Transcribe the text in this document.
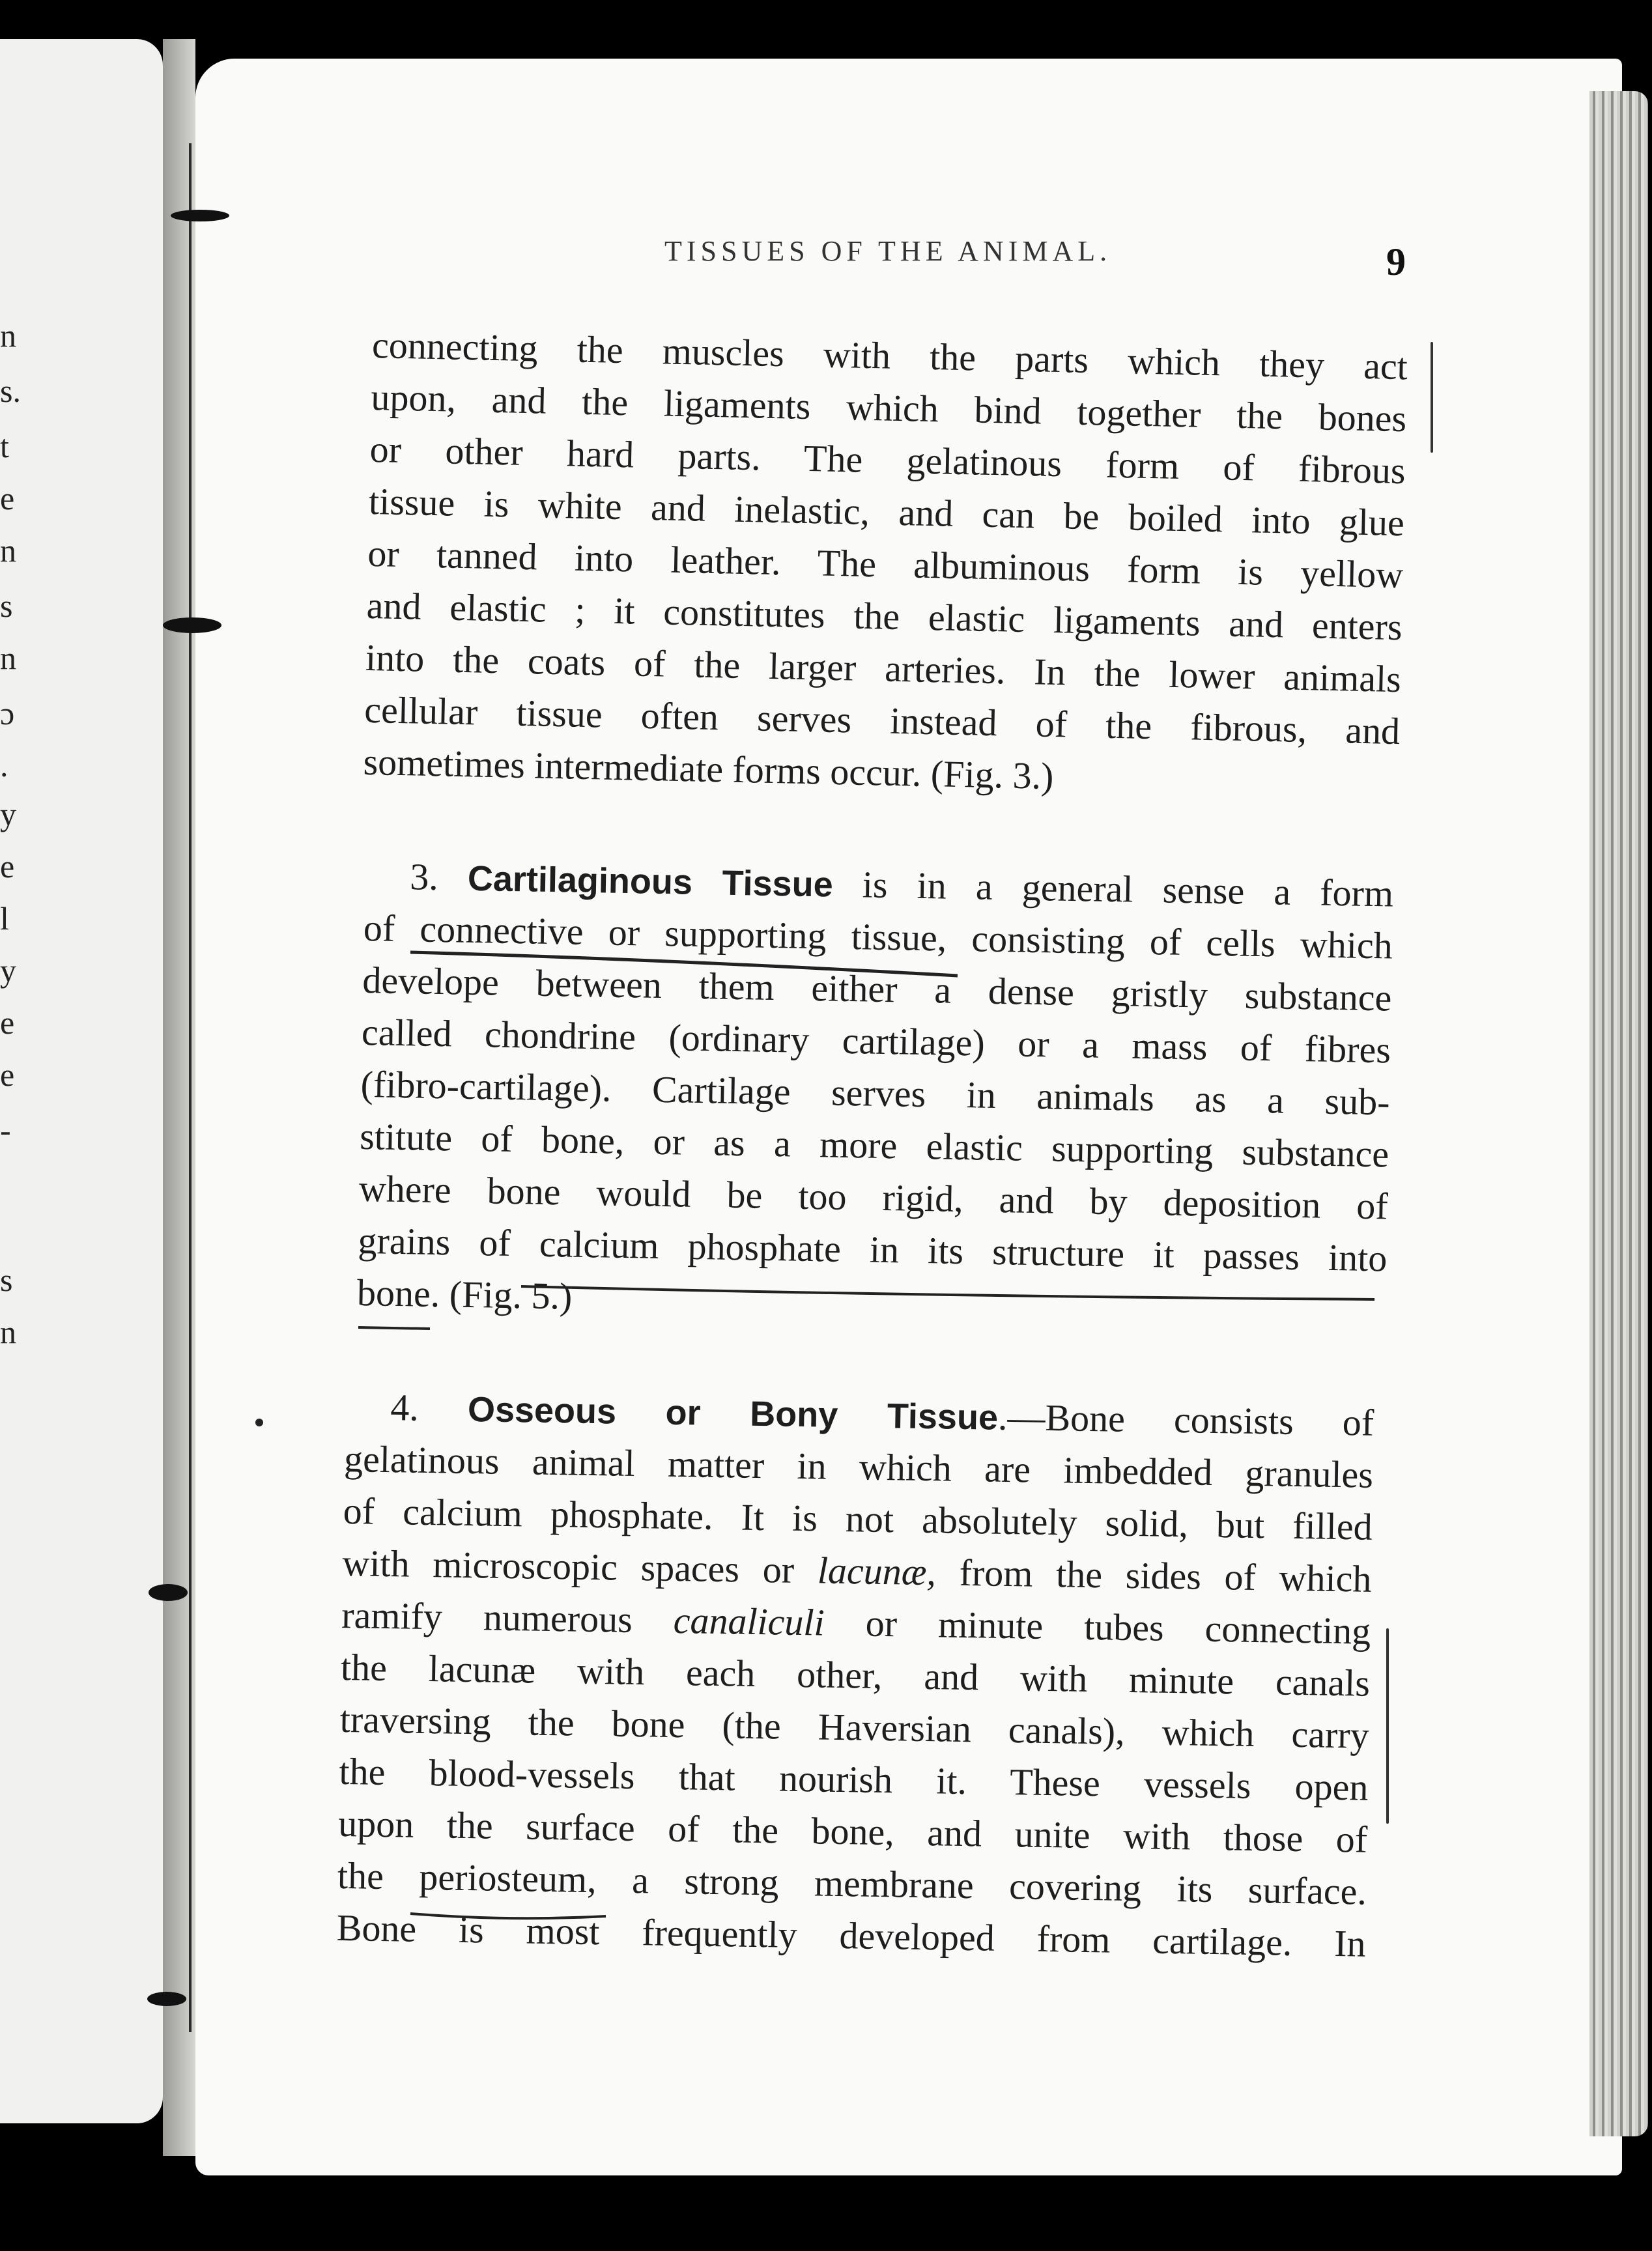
n
s.
t
e
n
s
n
ɔ
.
y
e
l
y
e
e
-
s
n
TISSUES OF THE ANIMAL.	9
connecting the muscles with the parts which they act
upon, and the ligaments which bind together the bones
or other hard parts. The gelatinous form of fibrous
tissue is white and inelastic, and can be boiled into glue
or tanned into leather. The albuminous form is yellow
and elastic ; it constitutes the elastic ligaments and enters
into the coats of the larger arteries. In the lower animals
cellular tissue often serves instead of the fibrous, and
sometimes intermediate forms occur. (Fig. 3.)
3. Cartilaginous Tissue is in a general sense a form
of connective or supporting tissue, consisting of cells which
develope between them either a dense gristly substance
called chondrine (ordinary cartilage) or a mass of fibres
(fibro-cartilage). Cartilage serves in animals as a sub-
stitute of bone, or as a more elastic supporting substance
where bone would be too rigid, and by deposition of
grains of calcium phosphate in its structure it passes into
bone. (Fig. 5.)
4. Osseous or Bony Tissue.—Bone consists of
gelatinous animal matter in which are imbedded granules
of calcium phosphate. It is not absolutely solid, but filled
with microscopic spaces or lacunæ, from the sides of which
ramify numerous canaliculi or minute tubes connecting
the lacunæ with each other, and with minute canals
traversing the bone (the Haversian canals), which carry
the blood-vessels that nourish it. These vessels open
upon the surface of the bone, and unite with those of
the periosteum, a strong membrane covering its surface.
Bone is most frequently developed from cartilage. In
